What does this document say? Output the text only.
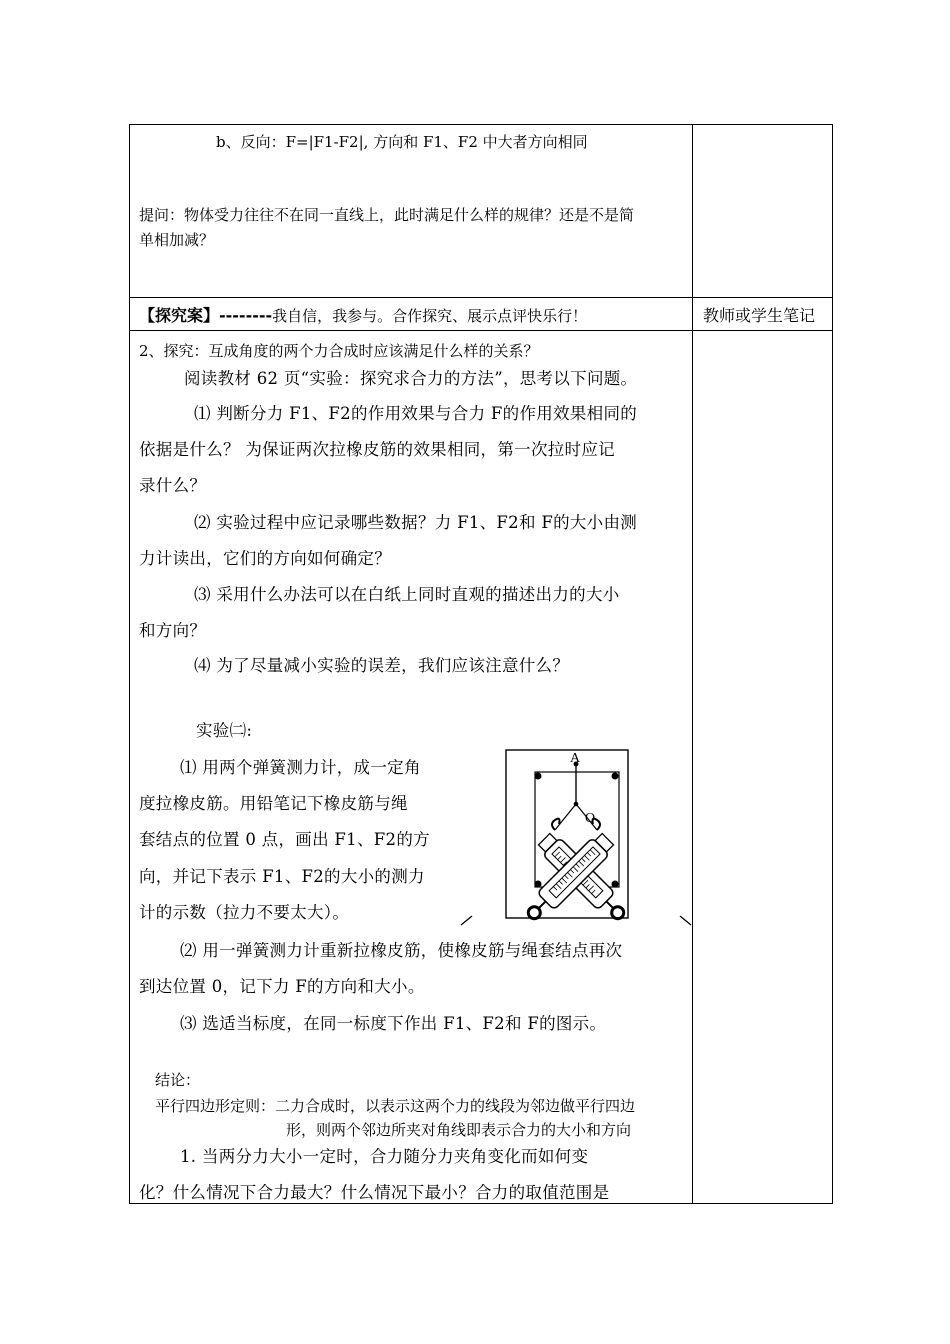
b、反向：F=|F1-F2|, 方向和 F1、F2 中大者方向相同
提问：物体受力往往不在同一直线上，此时满足什么样的规律？还是不是简
单相加减？
【探究案】--------我自信，我参与。合作探究、展示点评快乐行！	教师或学生笔记
2、探究：互成角度的两个力合成时应该满足什么样的关系？
阅读教材 62 页“实验：探究求合力的方法”，思考以下问题。
⑴ 判断分力 F1、F2的作用效果与合力 F的作用效果相同的
依据是什么？ 为保证两次拉橡皮筋的效果相同，第一次拉时应记
录什么？
⑵ 实验过程中应记录哪些数据？力 F1、F2和 F的大小由测
力计读出，它们的方向如何确定？
⑶ 采用什么办法可以在白纸上同时直观的描述出力的大小
和方向？
⑷ 为了尽量减小实验的误差，我们应该注意什么？
实验㈡:
⑴ 用两个弹簧测力计，成一定角
度拉橡皮筋。用铅笔记下橡皮筋与绳
套结点的位置 0 点，画出 F1、F2的方
向，并记下表示 F1、F2的大小的测力
计的示数（拉力不要太大）。
⑵ 用一弹簧测力计重新拉橡皮筋，使橡皮筋与绳套结点再次
到达位置 0，记下力 F的方向和大小。
⑶ 选适当标度，在同一标度下作出 F1、F2和 F的图示。
结论：
平行四边形定则：二力合成时，以表示这两个力的线段为邻边做平行四边
形，则两个邻边所夹对角线即表示合力的大小和方向
1. 当两分力大小一定时，合力随分力夹角变化而如何变
化？什么情况下合力最大？什么情况下最小？合力的取值范围是
A
O
